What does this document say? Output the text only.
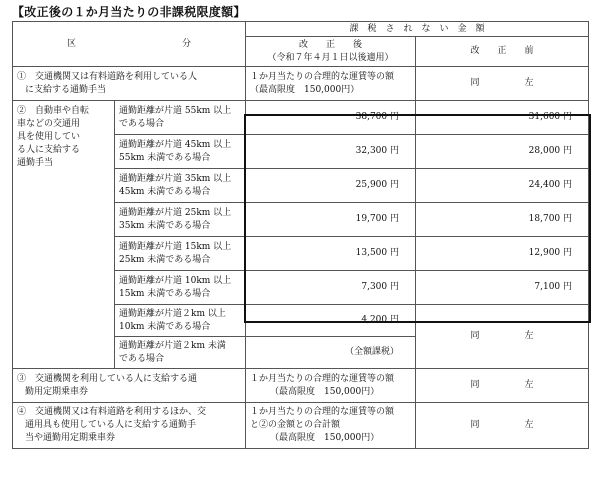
【改正後の１か月当たりの非課税限度額】
区 分		課　税　さ　れ　な　い　金　額	

		改　　正　　後
（令和７年４月１日以後適用）	改　　正　　前

①　交通機関又は有料道路を利用している人
に支給する通勤手当		１か月当たりの合理的な運賃等の額
（最高限度　150,000円）	同　　　　　左

②　 自動車や自転
車などの交通用
具を使用してい
る人に支給する
通勤手当	通勤距離が片道 55km 以上
である場合	38,700 円	31,600 円

	通勤距離が片道 45km 以上
55km 未満である場合	32,300 円	28,000 円

	通勤距離が片道 35km 以上
45km 未満である場合	25,900 円	24,400 円

	通勤距離が片道 25km 以上
35km 未満である場合	19,700 円	18,700 円

	通勤距離が片道 15km 以上
25km 未満である場合	13,500 円	12,900 円

	通勤距離が片道 10km 以上
15km 未満である場合	7,300 円	7,100 円

	通勤距離が片道２km 以上
10km 未満である場合	4,200 円	同　　　　　左

	通勤距離が片道２km 未満
である場合	（全額課税）	

③　交通機関を利用している人に支給する通
勤用定期乗車券		１か月当たりの合理的な運賃等の額
（最高限度　150,000円）	同　　　　　左

④　交通機関又は有料道路を利用するほか、交
通用具も使用している人に支給する通勤手
当や通勤用定期乗車券		１か月当たりの合理的な運賃等の額
と②の金額との合計額
（最高限度　150,000円）	同　　　　　左
